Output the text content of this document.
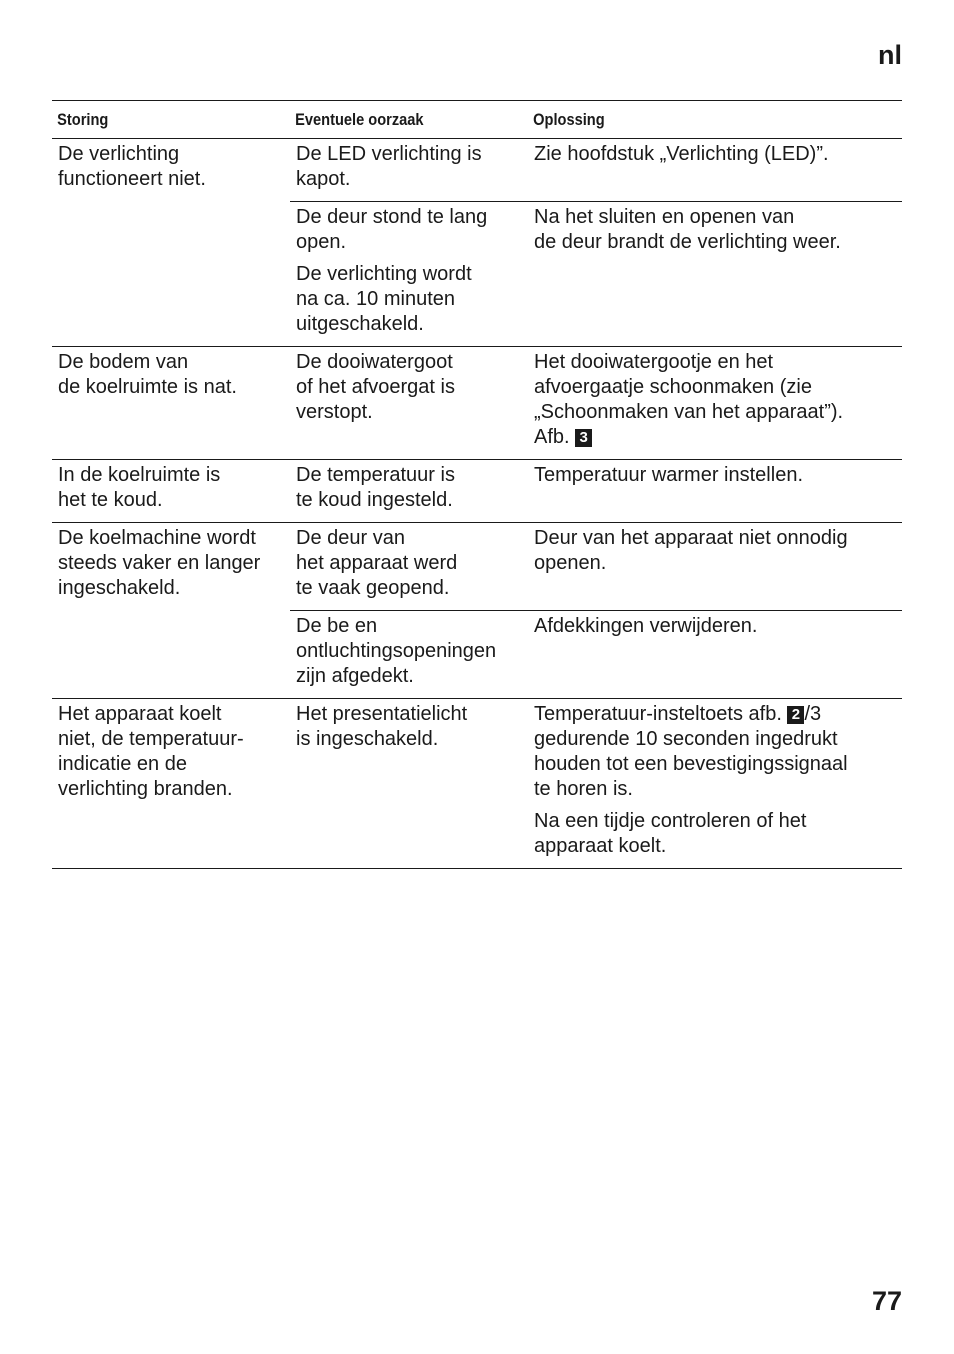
nl
Storing	Eventuele oorzaak	Oplossing
De verlichting
functioneert niet.
De LED verlichting is
kapot.
Zie hoofdstuk „Verlichting (LED)”.
De deur stond te lang
open.
De verlichting wordt
na ca. 10 minuten
uitgeschakeld.
Na het sluiten en openen van
de deur brandt de verlichting weer.
De bodem van
de koelruimte is nat.
De dooiwatergoot
of het afvoergat is
verstopt.
Het dooiwatergootje en het
afvoergaatje schoonmaken (zie
„Schoonmaken van het apparaat”).
Afb. 3
In de koelruimte is
het te koud.
De temperatuur is
te koud ingesteld.
Temperatuur warmer instellen.
De koelmachine wordt
steeds vaker en langer
ingeschakeld.
De deur van
het apparaat werd
te vaak geopend.
Deur van het apparaat niet onnodig
openen.
De be en
ontluchtingsopeningen
zijn afgedekt.
Afdekkingen verwijderen.
Het apparaat koelt
niet, de temperatuur-
indicatie en de
verlichting branden.
Het presentatielicht
is ingeschakeld.
Temperatuur-insteltoets afb. 2 /3
gedurende 10 seconden ingedrukt
houden tot een bevestigingssignaal
te horen is.
Na een tijdje controleren of het
apparaat koelt.
77
